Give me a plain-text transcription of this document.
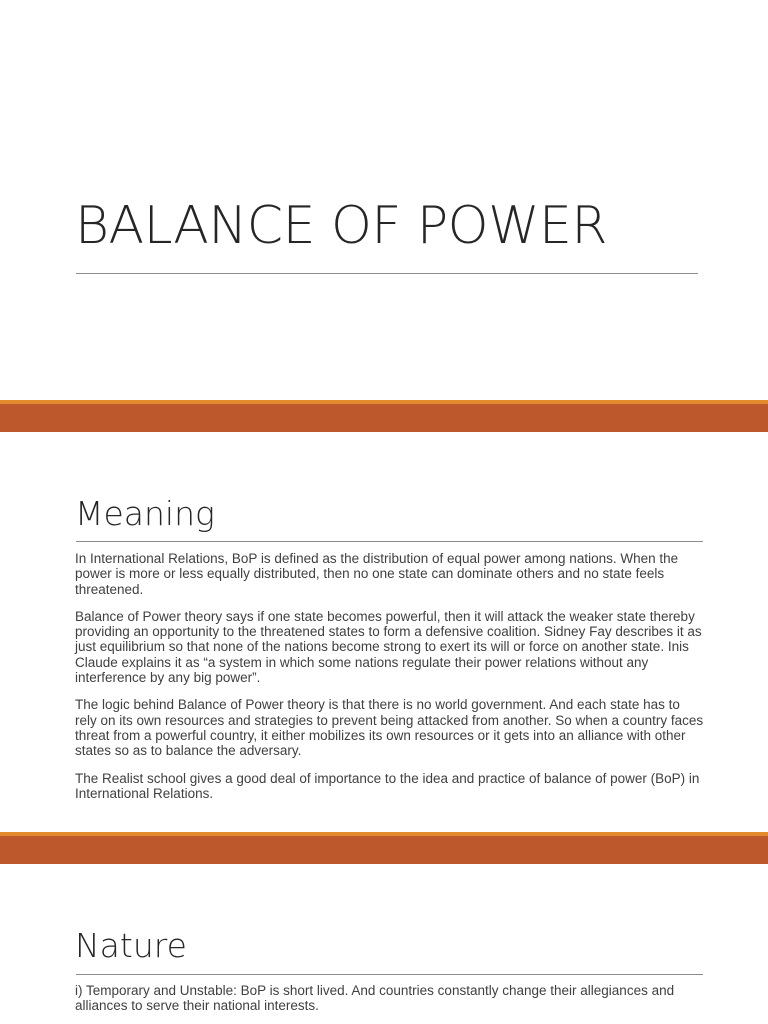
BALANCE OF POWER
Meaning

In International Relations, BoP is defined as the distribution of equal power among nations. When the power is more or less equally distributed, then no one state can dominate others and no state feels threatened.

Balance of Power theory says if one state becomes powerful, then it will attack the weaker state thereby providing an opportunity to the threatened states to form a defensive coalition. Sidney Fay describes it as just equilibrium so that none of the nations become strong to exert its will or force on another state. Inis Claude explains it as “a system in which some nations regulate their power relations without any interference by any big power”.

The logic behind Balance of Power theory is that there is no world government. And each state has to rely on its own resources and strategies to prevent being attacked from another. So when a country faces threat from a powerful country, it either mobilizes its own resources or it gets into an alliance with other states so as to balance the adversary.

The Realist school gives a good deal of importance to the idea and practice of balance of power (BoP) in International Relations.

Nature

i) Temporary and Unstable: BoP is short lived. And countries constantly change their allegiances and alliances to serve their national interests.
